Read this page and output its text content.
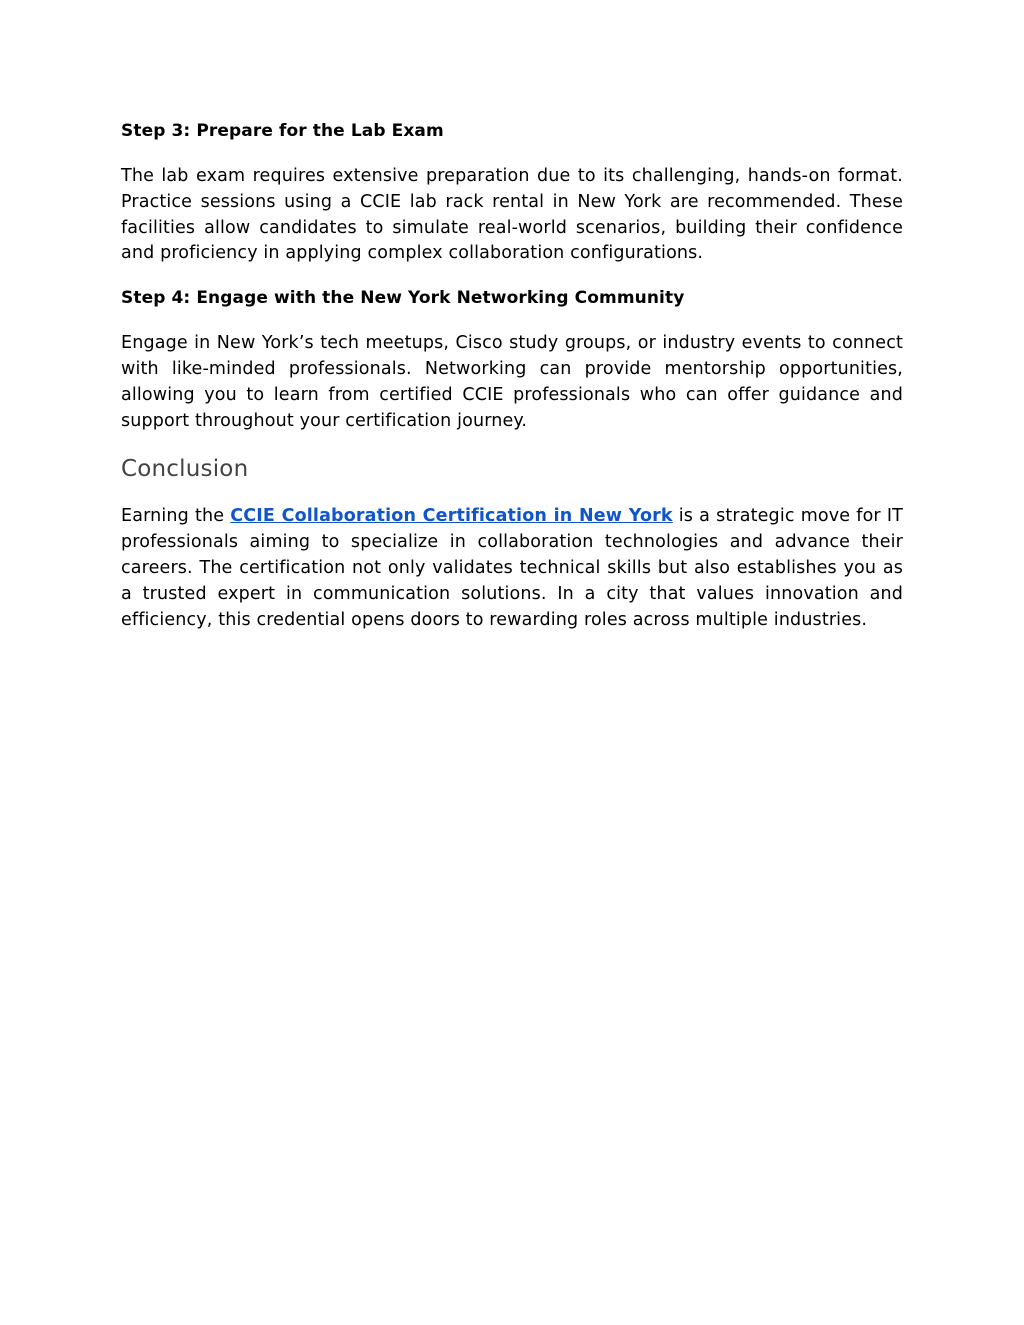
Step 3: Prepare for the Lab Exam

The lab exam requires extensive preparation due to its challenging, hands-on format. Practice sessions using a CCIE lab rack rental in New York are recommended. These facilities allow candidates to simulate real-world scenarios, building their confidence and proficiency in applying complex collaboration configurations.

Step 4: Engage with the New York Networking Community

Engage in New York’s tech meetups, Cisco study groups, or industry events to connect with like-minded professionals. Networking can provide mentorship opportunities, allowing you to learn from certified CCIE professionals who can offer guidance and support throughout your certification journey.

Conclusion

Earning the CCIE Collaboration Certification in New York is a strategic move for IT professionals aiming to specialize in collaboration technologies and advance their careers. The certification not only validates technical skills but also establishes you as a trusted expert in communication solutions. In a city that values innovation and efficiency, this credential opens doors to rewarding roles across multiple industries.
